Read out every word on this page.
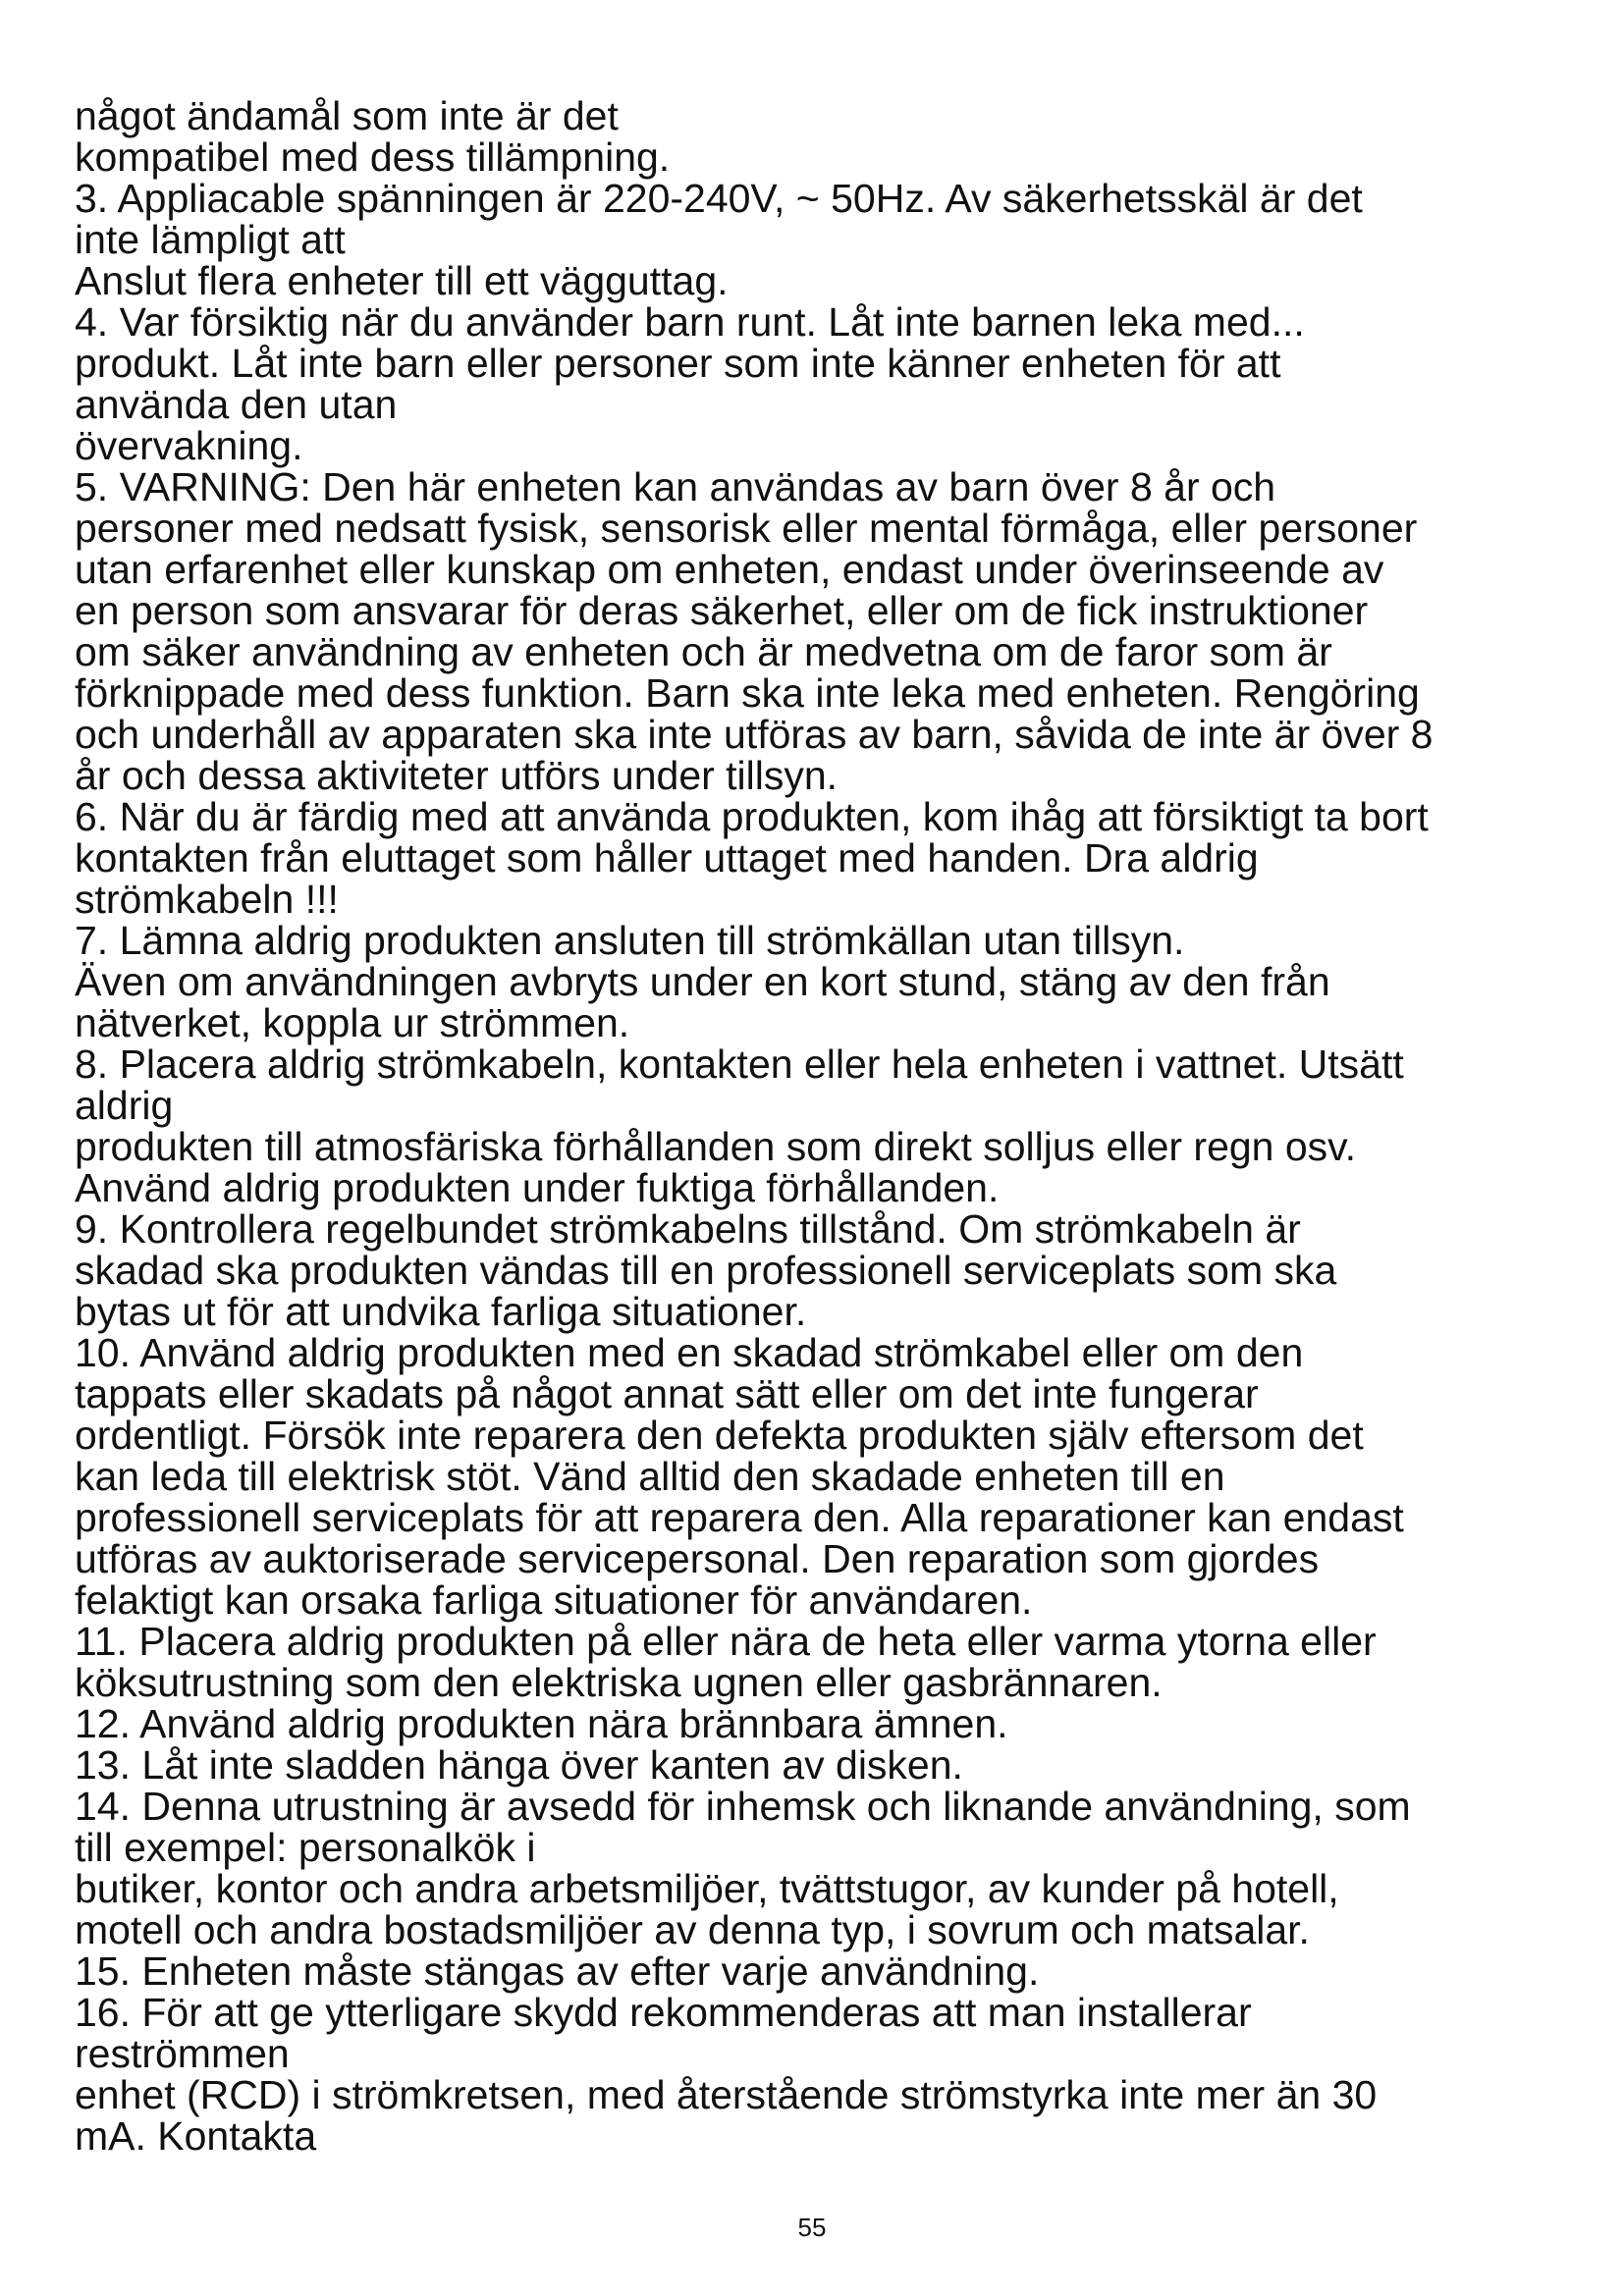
något ändamål som inte är det
kompatibel med dess tillämpning.
3. Appliacable spänningen är 220-240V, ~ 50Hz. Av säkerhetsskäl är det
inte lämpligt att
Anslut flera enheter till ett vägguttag.
4. Var försiktig när du använder barn runt. Låt inte barnen leka med...
produkt. Låt inte barn eller personer som inte känner enheten för att
använda den utan
övervakning.
5. VARNING: Den här enheten kan användas av barn över 8 år och
personer med nedsatt fysisk, sensorisk eller mental förmåga, eller personer
utan erfarenhet eller kunskap om enheten, endast under överinseende av
en person som ansvarar för deras säkerhet, eller om de fick instruktioner
om säker användning av enheten och är medvetna om de faror som är
förknippade med dess funktion. Barn ska inte leka med enheten. Rengöring
och underhåll av apparaten ska inte utföras av barn, såvida de inte är över 8
år och dessa aktiviteter utförs under tillsyn.
6. När du är färdig med att använda produkten, kom ihåg att försiktigt ta bort
kontakten från eluttaget som håller uttaget med handen. Dra aldrig
strömkabeln !!!
7. Lämna aldrig produkten ansluten till strömkällan utan tillsyn.
Även om användningen avbryts under en kort stund, stäng av den från
nätverket, koppla ur strömmen.
8. Placera aldrig strömkabeln, kontakten eller hela enheten i vattnet. Utsätt
aldrig
produkten till atmosfäriska förhållanden som direkt solljus eller regn osv.
Använd aldrig produkten under fuktiga förhållanden.
9. Kontrollera regelbundet strömkabelns tillstånd. Om strömkabeln är
skadad ska produkten vändas till en professionell serviceplats som ska
bytas ut för att undvika farliga situationer.
10. Använd aldrig produkten med en skadad strömkabel eller om den
tappats eller skadats på något annat sätt eller om det inte fungerar
ordentligt. Försök inte reparera den defekta produkten själv eftersom det
kan leda till elektrisk stöt. Vänd alltid den skadade enheten till en
professionell serviceplats för att reparera den. Alla reparationer kan endast
utföras av auktoriserade servicepersonal. Den reparation som gjordes
felaktigt kan orsaka farliga situationer för användaren.
11. Placera aldrig produkten på eller nära de heta eller varma ytorna eller
köksutrustning som den elektriska ugnen eller gasbrännaren.
12. Använd aldrig produkten nära brännbara ämnen.
13. Låt inte sladden hänga över kanten av disken.
14. Denna utrustning är avsedd för inhemsk och liknande användning, som
till exempel: personalkök i
butiker, kontor och andra arbetsmiljöer, tvättstugor, av kunder på hotell,
motell och andra bostadsmiljöer av denna typ, i sovrum och matsalar.
15. Enheten måste stängas av efter varje användning.
16. För att ge ytterligare skydd rekommenderas att man installerar
reströmmen
enhet (RCD) i strömkretsen, med återstående strömstyrka inte mer än 30
mA. Kontakta
55
